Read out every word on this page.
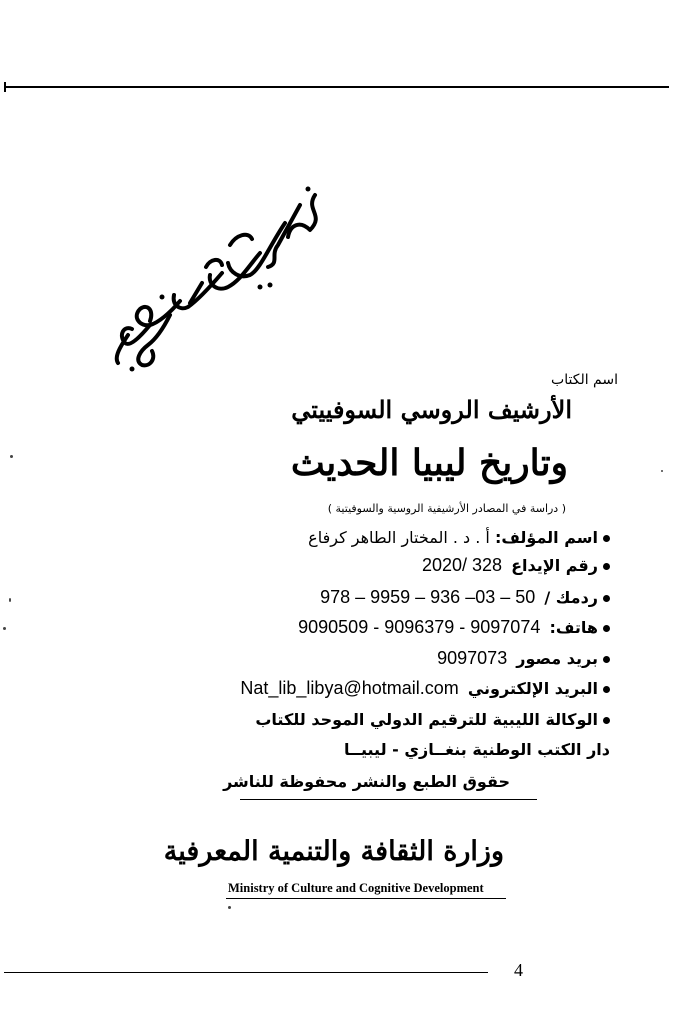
اسم الكتاب
الأرشيف الروسي السوفييتي
وتاريخ ليبيا الحديث
( دراسة في المصادر الأرشيفية الروسية والسوفيتية )
اسم المؤلف: أ . د . المختار الطاهر كرفاع
رقم الإيداع 2020/ 328
ردمك / 978 – 9959 – 936 –03 – 50
هاتف: 9090509 - 9096379 - 9097074
بريد مصور 9097073
البريد الإلكتروني Nat_lib_libya@hotmail.com
الوكالة الليبية للترقيم الدولي الموحد للكتاب
دار الكتب الوطنية بنغــازي - ليبيــا
حقوق الطبع والنشر محفوظة للناشر
وزارة الثقافة والتنمية المعرفية
Ministry of Culture and Cognitive Development
4
